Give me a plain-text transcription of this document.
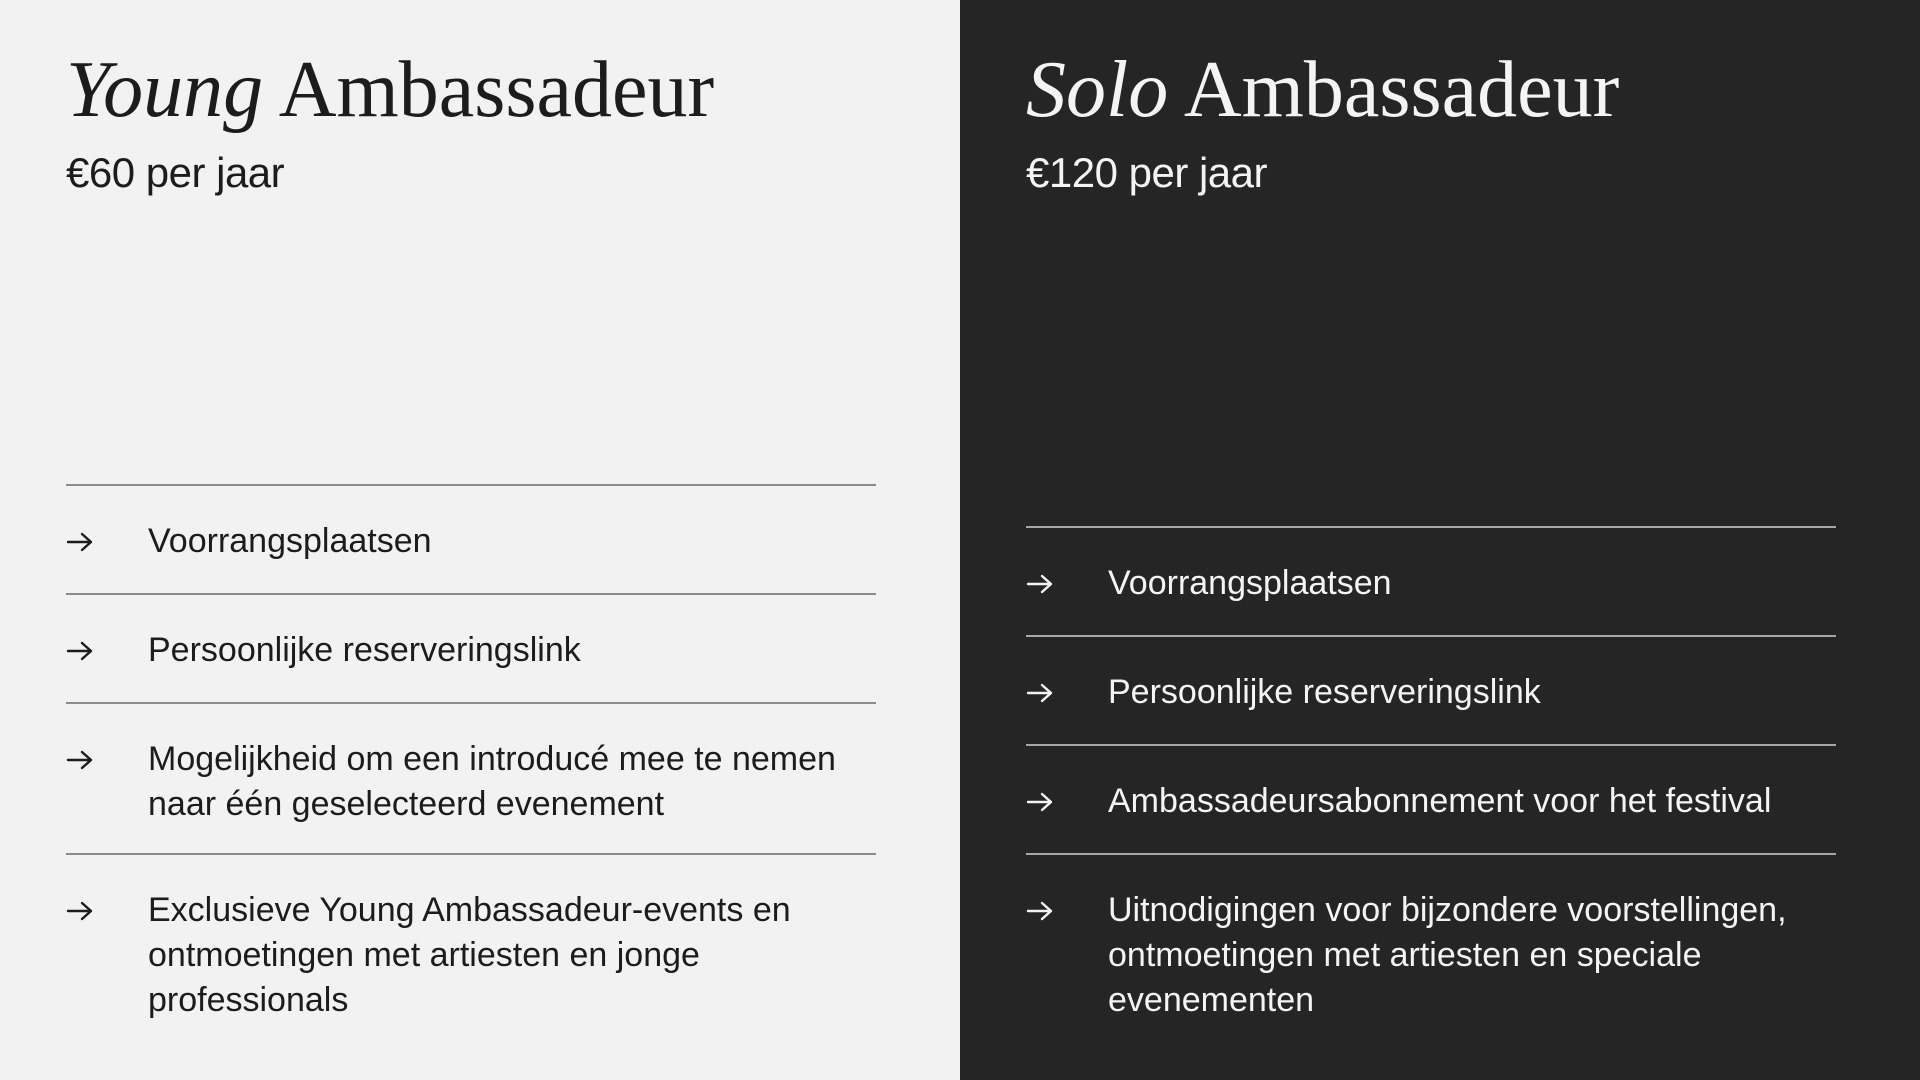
Young Ambassadeur
€60 per jaar
Voorrangsplaatsen
Persoonlijke reserveringslink
Mogelijkheid om een introducé mee te nemen naar één geselecteerd evenement
Exclusieve Young Ambassadeur-events en ontmoetingen met artiesten en jonge professionals
Solo Ambassadeur
€120 per jaar
Voorrangsplaatsen
Persoonlijke reserveringslink
Ambassadeursabonnement voor het festival
Uitnodigingen voor bijzondere voorstellingen, ontmoetingen met artiesten en speciale evenementen
